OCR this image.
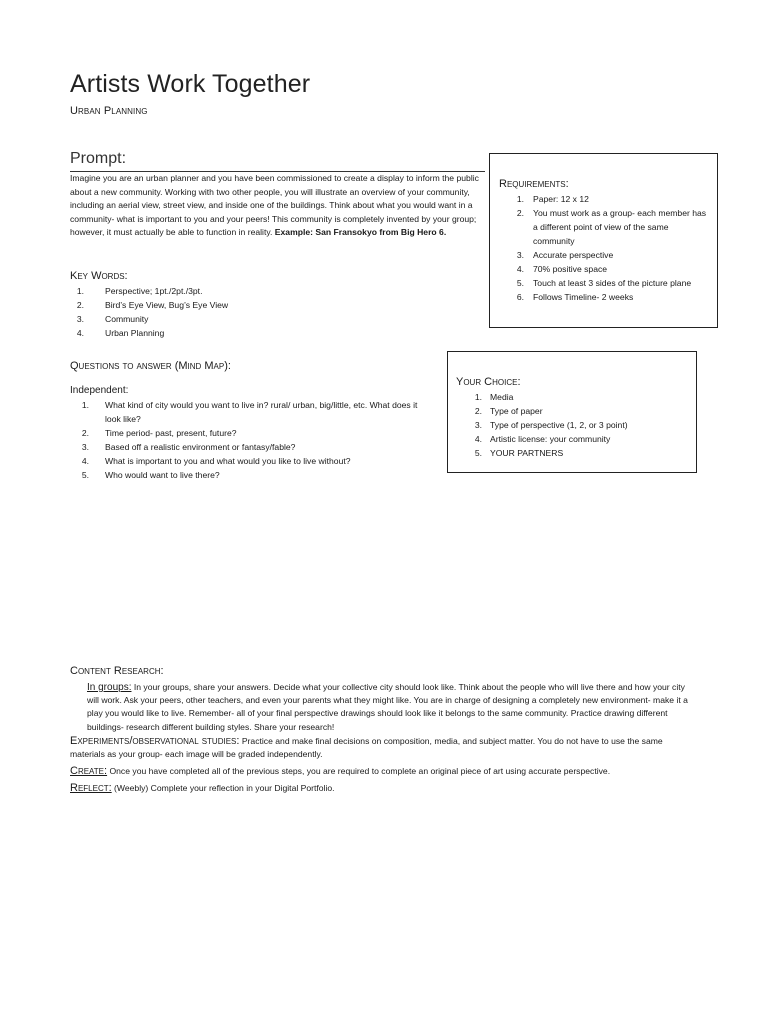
Artists Work Together
Urban Planning
Prompt:
Imagine you are an urban planner and you have been commissioned to create a display to inform the public about a new community. Working with two other people, you will illustrate an overview of your community, including an aerial view, street view, and inside one of the buildings. Think about what you would want in a community- what is important to you and your peers! This community is completely invented by your group; however, it must actually be able to function in reality. Example: San Fransokyo from Big Hero 6.
Key Words:
1. Perspective; 1pt./2pt./3pt.
2. Bird’s Eye View, Bug’s Eye View
3. Community
4. Urban Planning
Requirements:
1. Paper: 12 x 12
2. You must work as a group- each member has a different point of view of the same community
3. Accurate perspective
4. 70% positive space
5. Touch at least 3 sides of the picture plane
6. Follows Timeline- 2 weeks
Questions to answer (Mind Map):
Independent:
1. What kind of city would you want to live in? rural/ urban, big/little, etc. What does it look like?
2. Time period- past, present, future?
3. Based off a realistic environment or fantasy/fable?
4. What is important to you and what would you like to live without?
5. Who would want to live there?
Your Choice:
1. Media
2. Type of paper
3. Type of perspective (1, 2, or 3 point)
4. Artistic license: your community
5. YOUR PARTNERS
Content Research:
In groups: In your groups, share your answers. Decide what your collective city should look like. Think about the people who will live there and how your city will work. Ask your peers, other teachers, and even your parents what they might like. You are in charge of designing a completely new environment- make it a play you would like to live. Remember- all of your final perspective drawings should look like it belongs to the same community. Practice drawing different buildings- research different building styles. Share your research!
Experiments/observational studies: Practice and make final decisions on composition, media, and subject matter. You do not have to use the same materials as your group- each image will be graded independently.
Create: Once you have completed all of the previous steps, you are required to complete an original piece of art using accurate perspective.
Reflect: (Weebly) Complete your reflection in your Digital Portfolio.
